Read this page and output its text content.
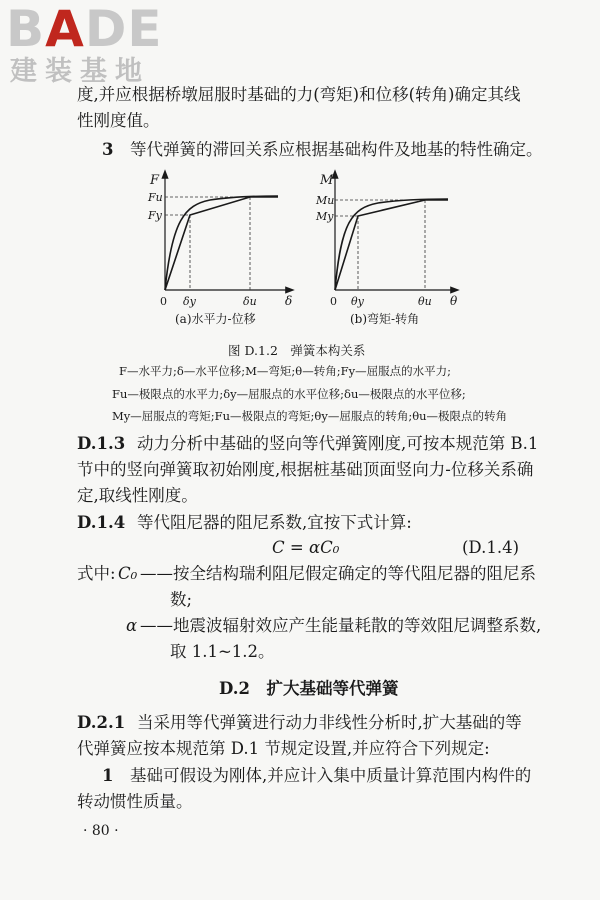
BADE
建装基地
度,并应根据桥墩屈服时基础的力(弯矩)和位移(转角)确定其线
性刚度值。
3 等代弹簧的滞回关系应根据基础构件及地基的特性确定。
F
Fu
Fy
0 δy	δu δ
(a)水平力-位移
M
Mu
My
0 θy	θu θ
(b)弯矩-转角
图 D.1.2　弹簧本构关系
F—水平力;δ—水平位移;M—弯矩;θ—转角;Fy—屈服点的水平力;
Fu—极限点的水平力;δy—屈服点的水平位移;δu—极限点的水平位移;
My—屈服点的弯矩;Fu—极限点的弯矩;θy—屈服点的转角;θu—极限点的转角
D.1.3 动力分析中基础的竖向等代弹簧刚度,可按本规范第 B.1
节中的竖向弹簧取初始刚度,根据桩基础顶面竖向力-位移关系确
定,取线性刚度。
D.1.4 等代阻尼器的阻尼系数,宜按下式计算:
C = αC₀	(D.1.4)
式中: C₀ ——按全结构瑞利阻尼假定确定的等代阻尼器的阻尼系
数;
α ——地震波辐射效应产生能量耗散的等效阻尼调整系数,
取 1.1~1.2。
D.2　扩大基础等代弹簧
D.2.1 当采用等代弹簧进行动力非线性分析时,扩大基础的等
代弹簧应按本规范第 D.1 节规定设置,并应符合下列规定:
1 基础可假设为刚体,并应计入集中质量计算范围内构件的
转动惯性质量。
· 80 ·
